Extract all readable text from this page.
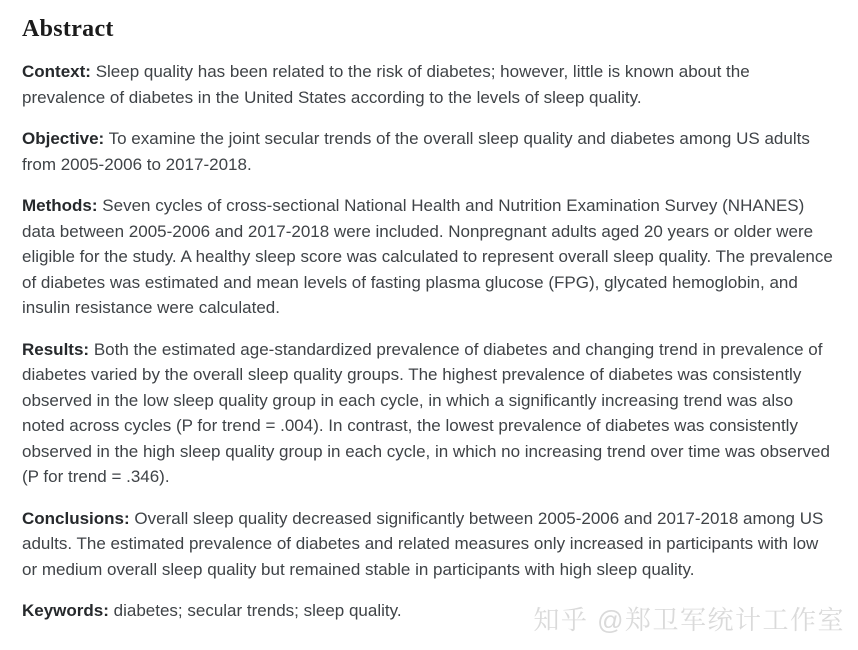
Abstract

Context: Sleep quality has been related to the risk of diabetes; however, little is known about the prevalence of diabetes in the United States according to the levels of sleep quality.

Objective: To examine the joint secular trends of the overall sleep quality and diabetes among US adults from 2005-2006 to 2017-2018.

Methods: Seven cycles of cross-sectional National Health and Nutrition Examination Survey (NHANES) data between 2005-2006 and 2017-2018 were included. Nonpregnant adults aged 20 years or older were eligible for the study. A healthy sleep score was calculated to represent overall sleep quality. The prevalence of diabetes was estimated and mean levels of fasting plasma glucose (FPG), glycated hemoglobin, and insulin resistance were calculated.

Results: Both the estimated age-standardized prevalence of diabetes and changing trend in prevalence of diabetes varied by the overall sleep quality groups. The highest prevalence of diabetes was consistently observed in the low sleep quality group in each cycle, in which a significantly increasing trend was also noted across cycles (P for trend = .004). In contrast, the lowest prevalence of diabetes was consistently observed in the high sleep quality group in each cycle, in which no increasing trend over time was observed (P for trend = .346).

Conclusions: Overall sleep quality decreased significantly between 2005-2006 and 2017-2018 among US adults. The estimated prevalence of diabetes and related measures only increased in participants with low or medium overall sleep quality but remained stable in participants with high sleep quality.

Keywords: diabetes; secular trends; sleep quality.	知乎 @郑卫军统计工作室
